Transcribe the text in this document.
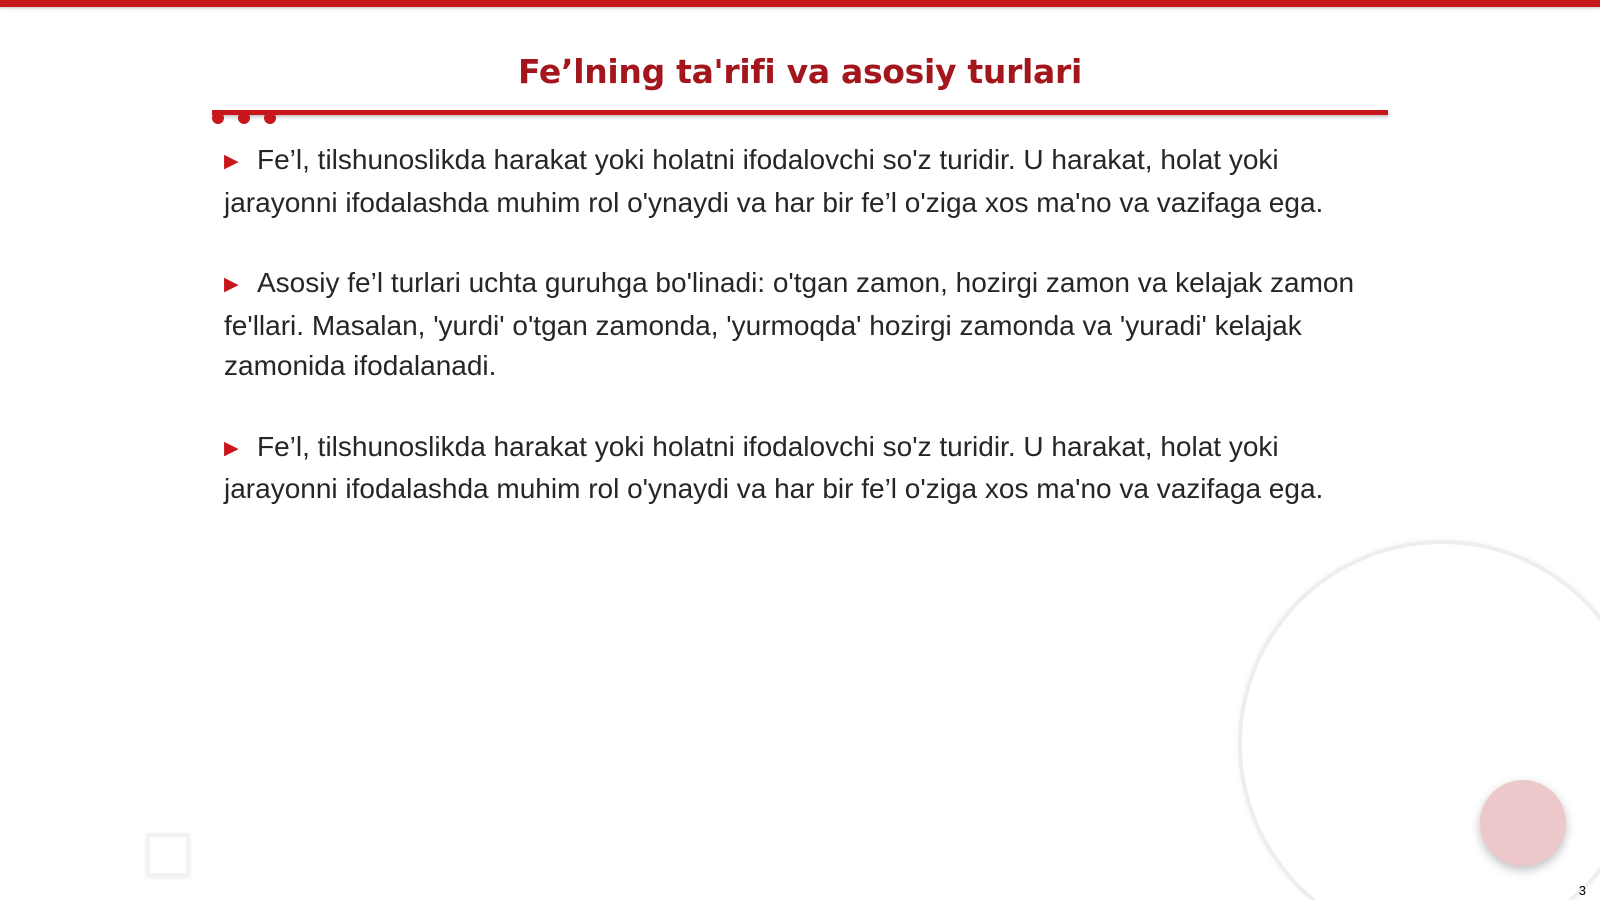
Fe’lning ta'rifi va asosiy turlari
▶ Fe’l, tilshunoslikda harakat yoki holatni ifodalovchi so'z turidir. U harakat, holat yoki jarayonni ifodalashda muhim rol o'ynaydi va har bir fe’l o'ziga xos ma'no va vazifaga ega.
▶ Asosiy fe’l turlari uchta guruhga bo'linadi: o'tgan zamon, hozirgi zamon va kelajak zamon fe'llari. Masalan, 'yurdi' o'tgan zamonda, 'yurmoqda' hozirgi zamonda va 'yuradi' kelajak zamonida ifodalanadi.
▶ Fe’l, tilshunoslikda harakat yoki holatni ifodalovchi so'z turidir. U harakat, holat yoki jarayonni ifodalashda muhim rol o'ynaydi va har bir fe’l o'ziga xos ma'no va vazifaga ega.
3
